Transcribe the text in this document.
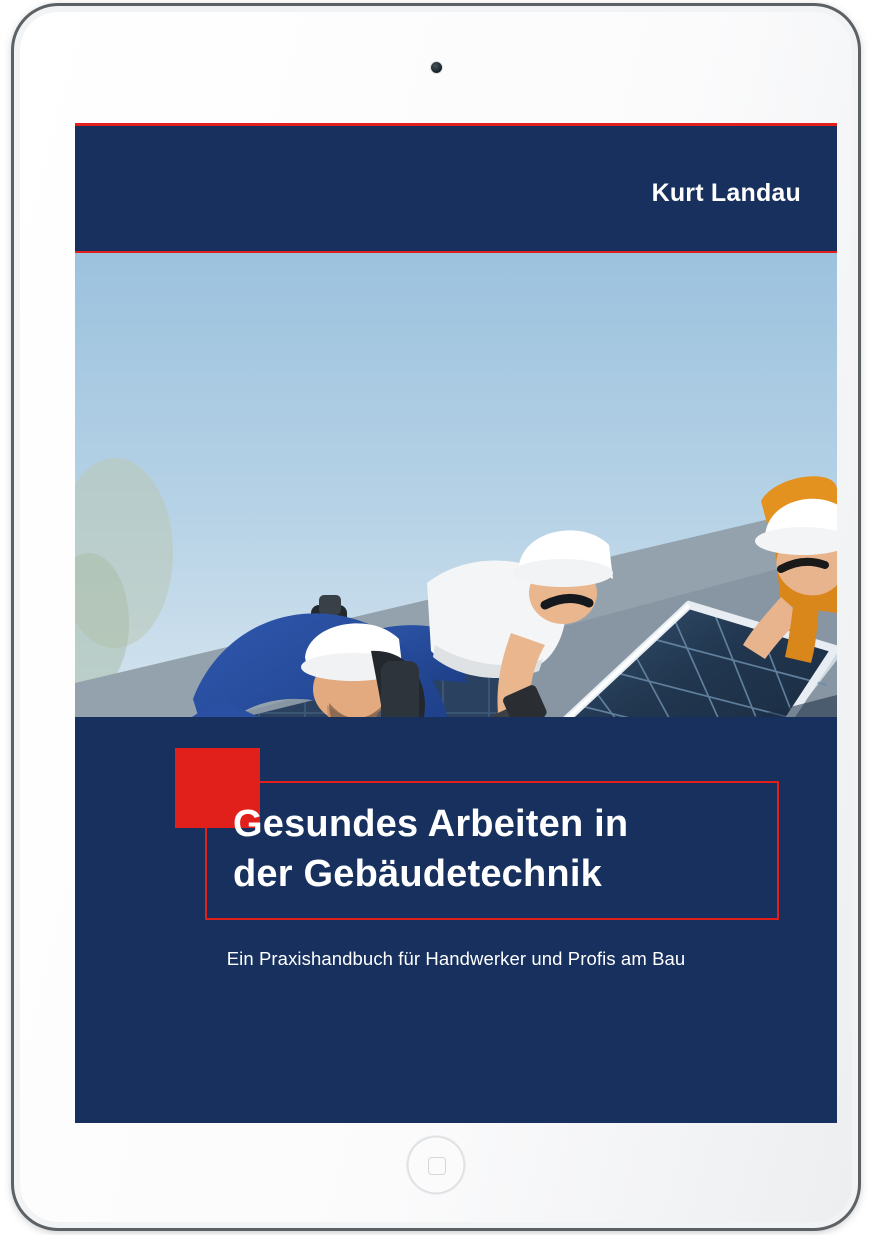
Kurt Landau
Gesundes Arbeiten in
der Gebäudetechnik
Ein Praxishandbuch für Handwerker und Profis am Bau
